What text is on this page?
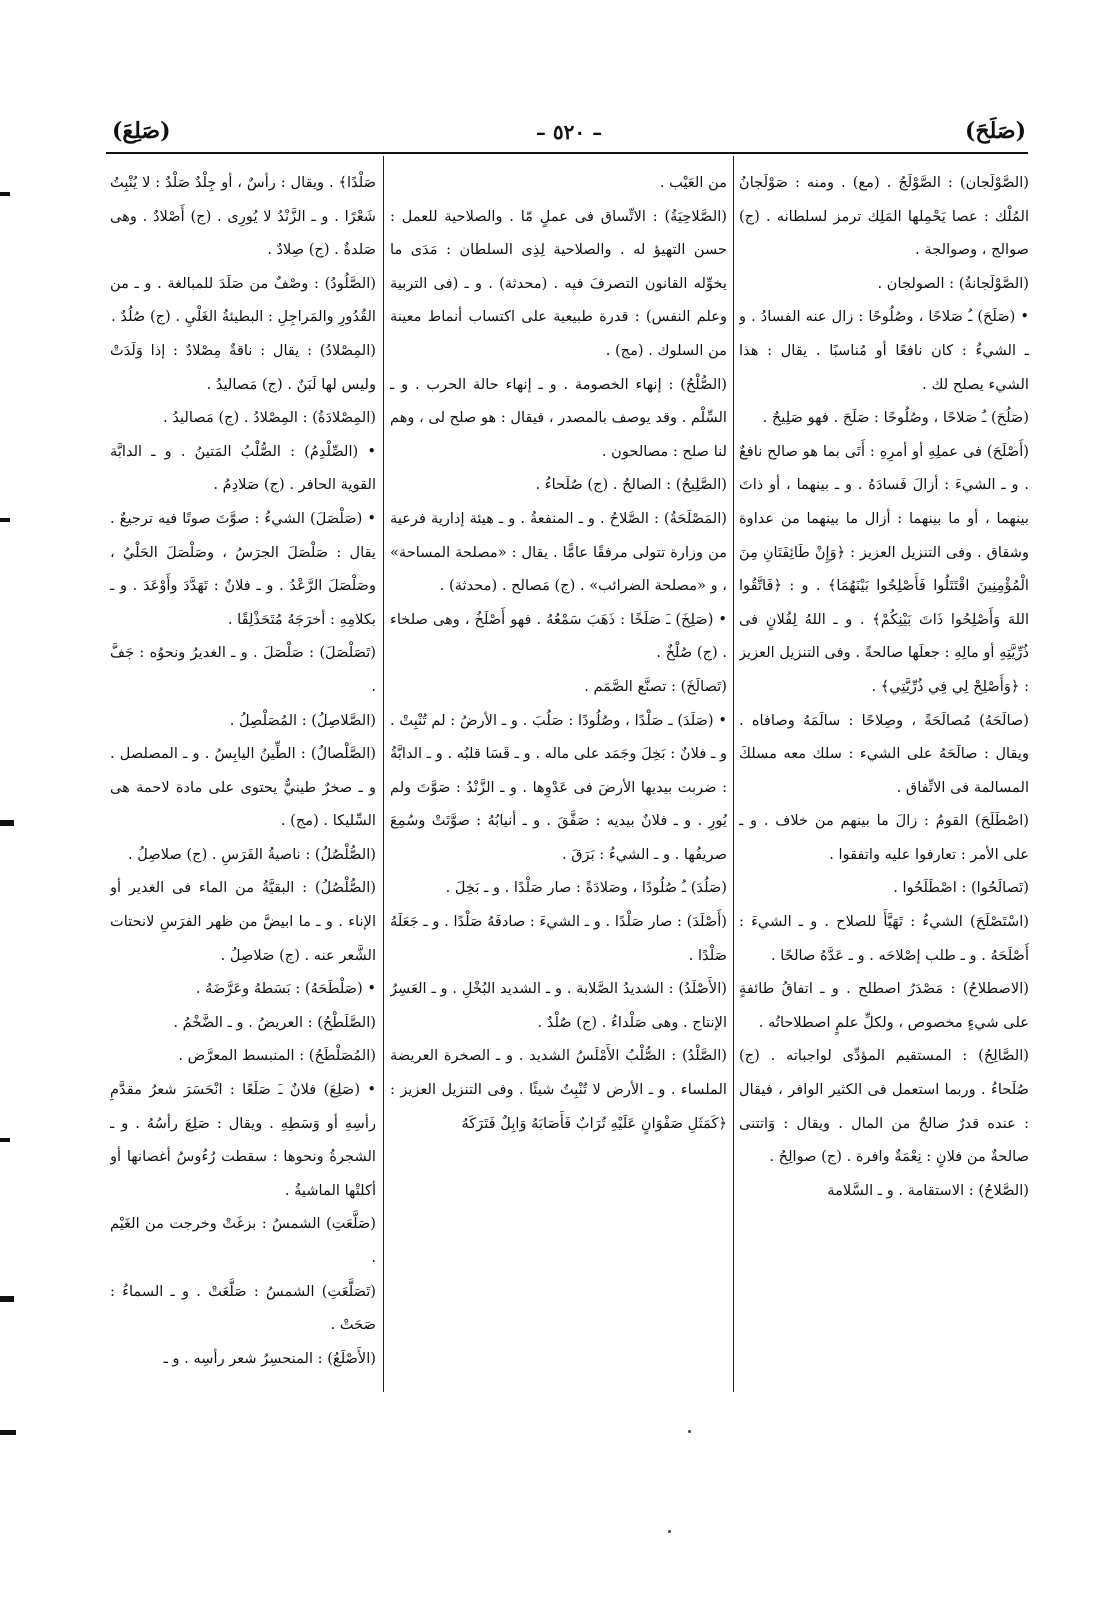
(صَلَحَ)
– ٥٢٠ –
(صَلِعَ)
(الصَّوْلَجان) : الصَّوْلَجُ . (مع) . ومنه : صَوْلَجانُ المُلْك : عصا يَحْمِلها المَلِك ترمز لسلطانه . (ج) صوالج ، وصوالجة .
(الصَّوْلَجانةُ) : الصولجان .
• (صَلَحَ) ـُ صَلاحًا ، وصُلُوحًا : زال عنه الفسادُ . و ـ الشيءُ : كان نافعًا أو مُناسبًا . يقال : هذا الشيء يصلح لك .
(صَلُحَ) ـُ صَلاحًا ، وصُلُوحًا : صَلَحَ . فهو صَلِيحٌ .
(أَصْلَحَ) فى عملِهِ أو أمرِهِ : أَتَى بما هو صالح نافعٌ . و ـ الشيءَ : أزالَ فَسادَهُ . و ـ بينهما ، أو ذاتَ بينهما ، أو ما بينهما : أزال ما بينهما من عداوة وشقاق . وفى التنزيل العزيز : ﴿وَإِنْ طَائِفَتَانِ مِنَ الْمُؤْمِنِينَ اقْتَتَلُوا فَأَصْلِحُوا بَيْنَهُمَا﴾ . و : ﴿فَاتَّقُوا اللهَ وَأَصْلِحُوا ذَاتَ بَيْنِكُمْ﴾ . و ـ اللهُ لِفُلانٍ فى ذُرِّيَّتِهِ أو مالِهِ : جعلَها صالحةً . وفى التنزيل العزيز : ﴿وَأَصْلِحْ لِي فِي ذُرِّيَّتِي﴾ .
(صالَحَهُ) مُصالَحَةً ، وصِلاحًا : سالَمَهُ وصافاه . ويقال : صالَحَهُ على الشيء : سلك معه مسلكَ المسالمة فى الاتِّفاق .
(اصْطَلَحَ) القومُ : زالَ ما بينهم من خلاف . و ـ على الأمر : تعارفوا عليه واتفقوا .
(تَصالَحُوا) : اصْطَلَحُوا .
(اسْتَصْلَحَ) الشيءُ : تَهَيَّأَ للصلاح . و ـ الشيءَ : أَصْلَحَهُ . و ـ طلب إصْلاحَه . و ـ عَدَّهُ صالحًا .
(الاصطلاحُ) : مَصْدَرُ اصطلح . و ـ اتفاقُ طائفةٍ على شيءٍ مخصوص ، ولكلِّ علمٍ اصطلاحاتُه .
(الصَّالِحُ) : المستقيم المؤدِّى لواجباته . (ج) صُلَحاءُ . وربما استعمل فى الكثير الوافر ، فيقال : عنده قدرٌ صالحٌ من المال . ويقال : وَاتتنى صالحةٌ من فلانٍ : نِعْمَةٌ وافرة . (ج) صوالِحُ .
(الصَّلاحُ) : الاستقامة . و ـ السَّلامة
من العَيْب .
(الصَّلاحِيَةُ) : الاتِّساق فى عملٍ مّا . والصلاحية للعمل : حسن التهيؤ له . والصلاحية لِذِى السلطان : مَدَى ما يخوِّله القانون التصرفَ فيه . (محدثة) . و ـ (فى التربية وعلم النفس) : قدرة طبيعية على اكتساب أنماط معينة من السلوك . (مج) .
(الصُّلْحُ) : إنهاء الخصومة . و ـ إنهاء حالة الحرب . و ـ السِّلْم . وقد يوصف بالمصدر ، فيقال : هو صلح لى ، وهم لنا صلح : مصالحون .
(الصَّلِيحُ) : الصالحُ . (ج) صُلَحاءُ .
(المَصْلَحَةُ) : الصَّلاحُ . و ـ المنفعةُ . و ـ هيئة إدارية فرعية من وزارة تتولى مرفقًا عامًّا . يقال : «مصلحة المساحة» ، و «مصلحة الضرائب» . (ج) مَصالح . (محدثة) .
• (صَلِخَ) ـَ صَلَخًا : ذَهَبَ سَمْعُهُ . فهو أَصْلَخُ ، وهى صلخاء . (ج) صُلْخٌ .
(تَصالَخَ) : تصنَّع الصَّمَم .
• (صَلَدَ) ـ صَلْدًا ، وصُلُودًا : صَلُبَ . و ـ الأرضُ : لم تُنْبِتْ . و ـ فلانٌ : بَخِلَ وجَمَد على ماله . و ـ قَسَا قلبُه . و ـ الدابَّةُ : ضربت بيديها الأرضَ فى عَدْوِها . و ـ الزَّنْدُ : صَوَّتَ ولم يُورِ . و ـ فلانٌ بيديه : صَفَّقَ . و ـ أنيابُهُ : صوَّتَتْ وسُمِعَ صريفُها . و ـ الشيءُ : بَرَقَ .
(صَلُدَ) ـُ صُلُودًا ، وصَلادَةً : صار صَلْدًا . و ـ بَخِلَ .
(أَصْلَدَ) : صار صَلْدًا . و ـ الشيءَ : صادفَهُ صَلْدًا . و ـ جَعَلَهُ صَلْدًا .
(الأَصْلَدُ) : الشديدُ الصَّلابة . و ـ الشديد البُخْلِ . و ـ العَسِرُ الإنتاج . وهى صَلْداءُ . (ج) صُلْدٌ .
(الصَّلْدُ) : الصُّلْبُ الأَمْلَسُ الشديد . و ـ الصخرة العريضة الملساء . و ـ الأرض لا تُنْبِتُ شيئًا . وفى التنزيل العزيز : ﴿كَمَثَلِ صَفْوَانٍ عَلَيْهِ تُرَابٌ فَأَصَابَهُ وَابِلٌ فَتَرَكَهُ
صَلْدًا﴾ . ويقال : رأسٌ ، أو جِلْدٌ صَلْدٌ : لا يُنْبِتُ شَعْرًا . و ـ الزَّنْدُ لا يُورِى . (ج) أَصْلادٌ . وهى صَلدةٌ . (ج) صِلادٌ .
(الصَّلُودُ) : وصْفٌ من صَلَدَ للمبالغة . و ـ من القُدُورِ والمَراجِلِ : البطيئةُ الغَلْيِ . (ج) صُلُدٌ .
(المِصْلادُ) : يقال : ناقةٌ مِصْلادٌ : إذا وَلَدَتْ وليس لها لَبَنٌ . (ج) مَصاليدُ .
(المِصْلادَةُ) : المِصْلادُ . (ج) مَصاليدُ .
• (الصِّلْدِمُ) : الصُّلْبُ المَتينُ . و ـ الدابَّة القوية الحافر . (ج) صَلادِمُ .
• (صَلْصَلَ) الشيءُ : صوَّتَ صوتًا فيه ترجيعٌ . يقال : صَلْصَلَ الجرَسُ ، وصَلْصَلَ الحَلْيُ ، وصَلْصَلَ الرَّعْدُ . و ـ فلانٌ : تَهَدَّدَ وأَوْعَدَ . و ـ بكلامِهِ : أخرَجَهُ مُتَحَذْلِقًا .
(تَصَلْصَلَ) : صَلْصَلَ . و ـ الغديرُ ونحوُه : جَفَّ .
(الصَّلاصِلُ) : المُصَلْصِلُ .
(الصَّلْصالُ) : الطِّينُ اليابِسُ . و ـ المصلصل . و ـ صخرٌ طينيٌّ يحتوى على مادة لاحمة هى السِّليكا . (مج) .
(الصُّلْصُلُ) : ناصيةُ الفَرَسِ . (ج) صلاصِلُ .
(الصُّلْصُلُ) : البقيَّةُ من الماء فى الغدير أو الإناء . و ـ ما ابيضَّ من ظهر الفرَسِ لانحتات الشَّعر عنه . (ج) صَلاصِلُ .
• (صَلْطَحَهُ) : بَسَطهُ وعَرَّضَهُ .
(الصَّلَطْحُ) : العريضُ . و ـ الضَّخْمُ .
(المُصَلْطَحُ) : المنبسط المعرَّض .
• (صَلِعَ) فلانٌ ـَ صَلَعًا : انْحَسَرَ شعرُ مقدَّمِ رأسِهِ أو وَسَطِهِ . ويقال : صَلِعَ رأسُهُ . و ـ الشجرةُ ونحوها : سقطت رُءُوسُ أغصانها أو أكلتْها الماشيةُ .
(صَلَّعَتِ) الشمسُ : بزغَتْ وخرجت من الغَيْم .
(تَصَلَّعَتِ) الشمسُ : صَلَّعَتْ . و ـ السماءُ : صَحَتْ .
(الأَصْلَعُ) : المنحسِرُ شعر رأسِه . و ـ
